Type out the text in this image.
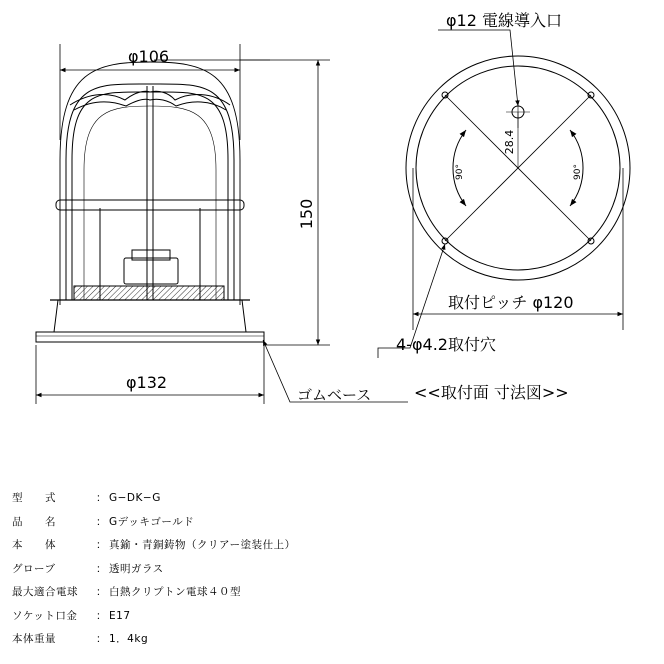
φ106
150
φ132
ゴムベース
φ12 電線導入口
28.4
90°	90°
取付ピッチ φ120
4-φ4.2取付穴
<<取付面 寸法図>>
型　　式	： G−DK−G
品　　名	： Gデッキゴールド
本　　体	： 真鍮・青銅鋳物（クリアー塗装仕上）
グローブ	： 透明ガラス
最大適合電球	： 白熱クリプトン電球４０型
ソケット口金	： E17
本体重量	： 1．4kg
